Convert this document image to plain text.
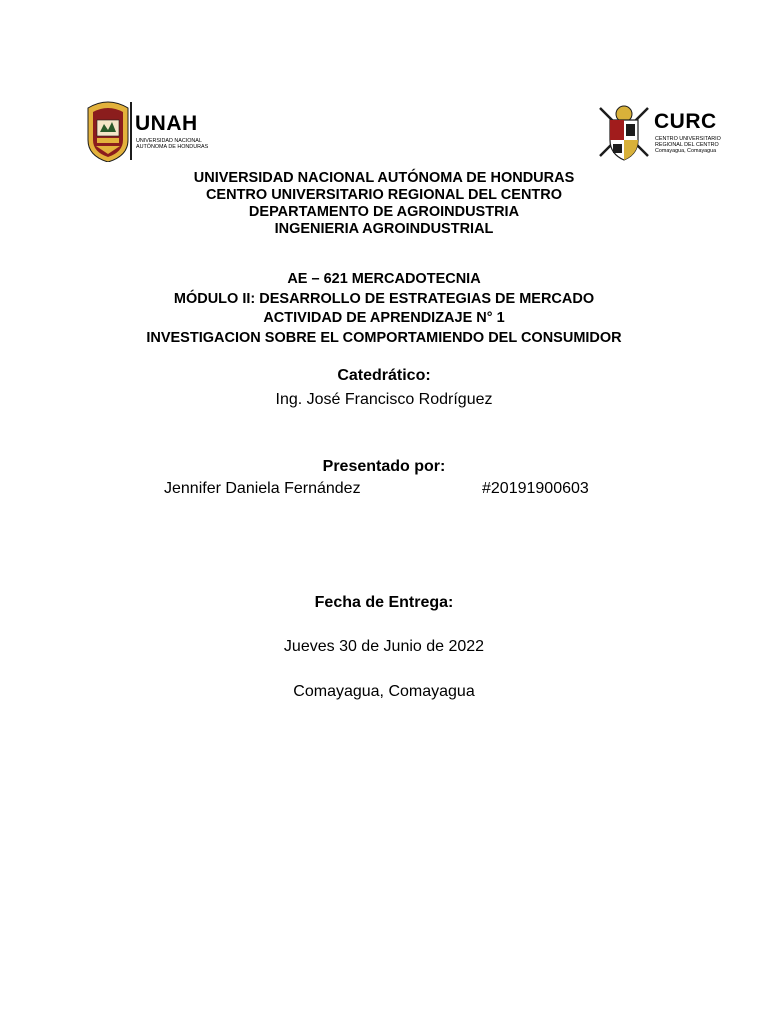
UNAH
UNIVERSIDAD NACIONAL
AUTÓNOMA DE HONDURAS
CURC
CENTRO UNIVERSITARIO
REGIONAL DEL CENTRO
Comayagua, Comayagua
UNIVERSIDAD NACIONAL AUTÓNOMA DE HONDURAS
CENTRO UNIVERSITARIO REGIONAL DEL CENTRO
DEPARTAMENTO DE AGROINDUSTRIA
INGENIERIA AGROINDUSTRIAL
AE – 621 MERCADOTECNIA
MÓDULO II: DESARROLLO DE ESTRATEGIAS DE MERCADO
ACTIVIDAD DE APRENDIZAJE N° 1
INVESTIGACION SOBRE EL COMPORTAMIENDO DEL CONSUMIDOR
Catedrático:
Ing. José Francisco Rodríguez
Presentado por:
Jennifer Daniela Fernández	#20191900603
Fecha de Entrega:
Jueves 30 de Junio de 2022
Comayagua, Comayagua
